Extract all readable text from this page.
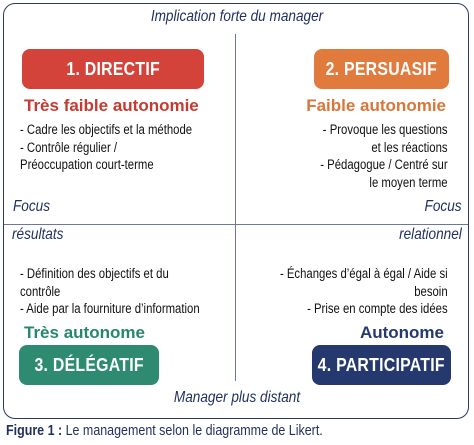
Implication forte du manager

Manager plus distant

Focus

résultats

Focus

relationnel

1. DIRECTIF

Très faible autonomie

- Cadre les objectifs et la méthode
- Contrôle régulier /
Préoccupation court-terme
2. PERSUASIF

Faible autonomie

- Provoque les questions
et les réactions
- Pédagogue / Centré sur
le moyen terme
- Définition des objectifs et du
contrôle
- Aide par la fourniture d’information

Très autonome

3. DÉLÉGATIF
- Échanges d’égal à égal / Aide si
besoin
- Prise en compte des idées

Autonome

4. PARTICIPATIF

Figure 1 : Le management selon le diagramme de Likert.
